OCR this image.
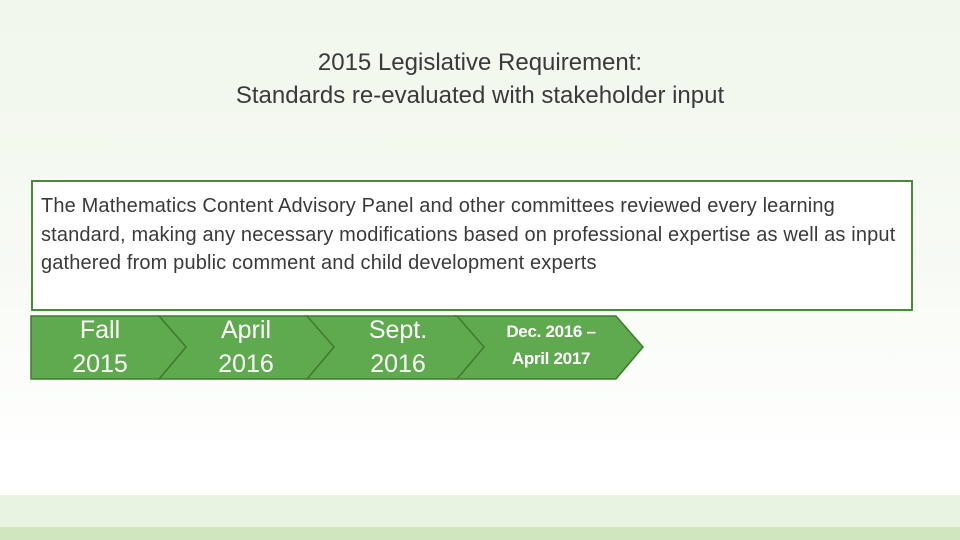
2015 Legislative Requirement:
Standards re-evaluated with stakeholder input
Fall
2015
April
2016
Sept.
2016
Dec. 2016 –
April 2017
The Mathematics Content Advisory Panel and other committees reviewed every learning standard, making any necessary modifications based on professional expertise as well as input gathered from public comment and child development experts
